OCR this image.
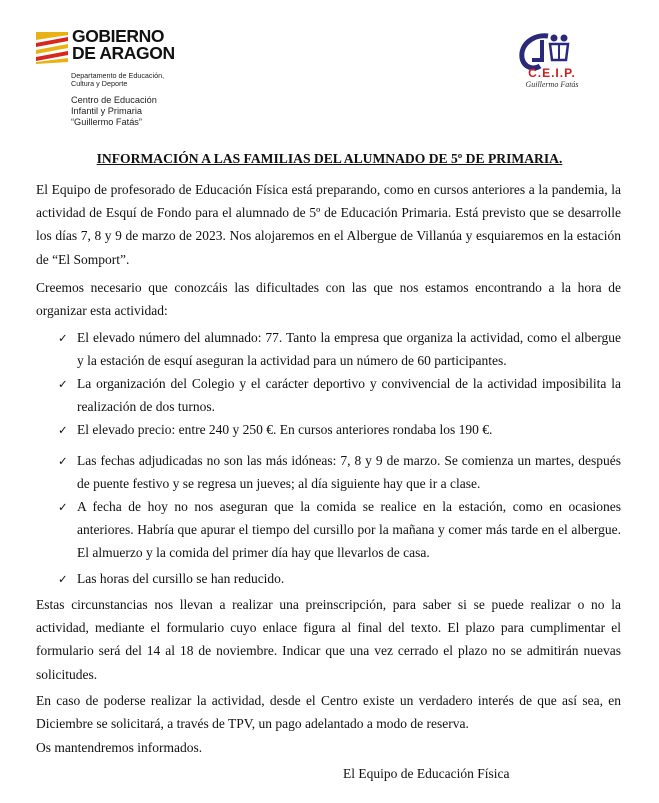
GOBIERNO
DE ARAGON
Departamento de Educación,
Cultura y Deporte
Centro de Educación
Infantil y Primaria
“Guillermo Fatás”
C.E.I.P.
Guillermo Fatás
INFORMACIÓN A LAS FAMILIAS DEL ALUMNADO DE 5º DE PRIMARIA.
El Equipo de profesorado de Educación Física está preparando, como en cursos anteriores a la pandemia, la actividad de Esquí de Fondo para el alumnado de 5º de Educación Primaria. Está previsto que se desarrolle los días 7, 8 y 9 de marzo de 2023. Nos alojaremos en el Albergue de Villanúa y esquiaremos en la estación de “El Somport”.
Creemos necesario que conozcáis las dificultades con las que nos estamos encontrando a la hora de organizar esta actividad:
✓ El elevado número del alumnado: 77. Tanto la empresa que organiza la actividad, como el albergue y la estación de esquí aseguran la actividad para un número de 60 participantes.
✓ La organización del Colegio y el carácter deportivo y convivencial de la actividad imposibilita la realización de dos turnos.
✓ El elevado precio: entre 240 y 250 €. En cursos anteriores rondaba los 190 €.
✓ Las fechas adjudicadas no son las más idóneas: 7, 8 y 9 de marzo. Se comienza un martes, después de puente festivo y se regresa un jueves; al día siguiente hay que ir a clase.
✓ A fecha de hoy no nos aseguran que la comida se realice en la estación, como en ocasiones anteriores. Habría que apurar el tiempo del cursillo por la mañana y comer más tarde en el albergue. El almuerzo y la comida del primer día hay que llevarlos de casa.
✓ Las horas del cursillo se han reducido.
Estas circunstancias nos llevan a realizar una preinscripción, para saber si se puede realizar o no la actividad, mediante el formulario cuyo enlace figura al final del texto. El plazo para cumplimentar el formulario será del 14 al 18 de noviembre. Indicar que una vez cerrado el plazo no se admitirán nuevas solicitudes.
En caso de poderse realizar la actividad, desde el Centro existe un verdadero interés de que así sea, en Diciembre se solicitará, a través de TPV, un pago adelantado a modo de reserva.
Os mantendremos informados.
El Equipo de Educación Física
